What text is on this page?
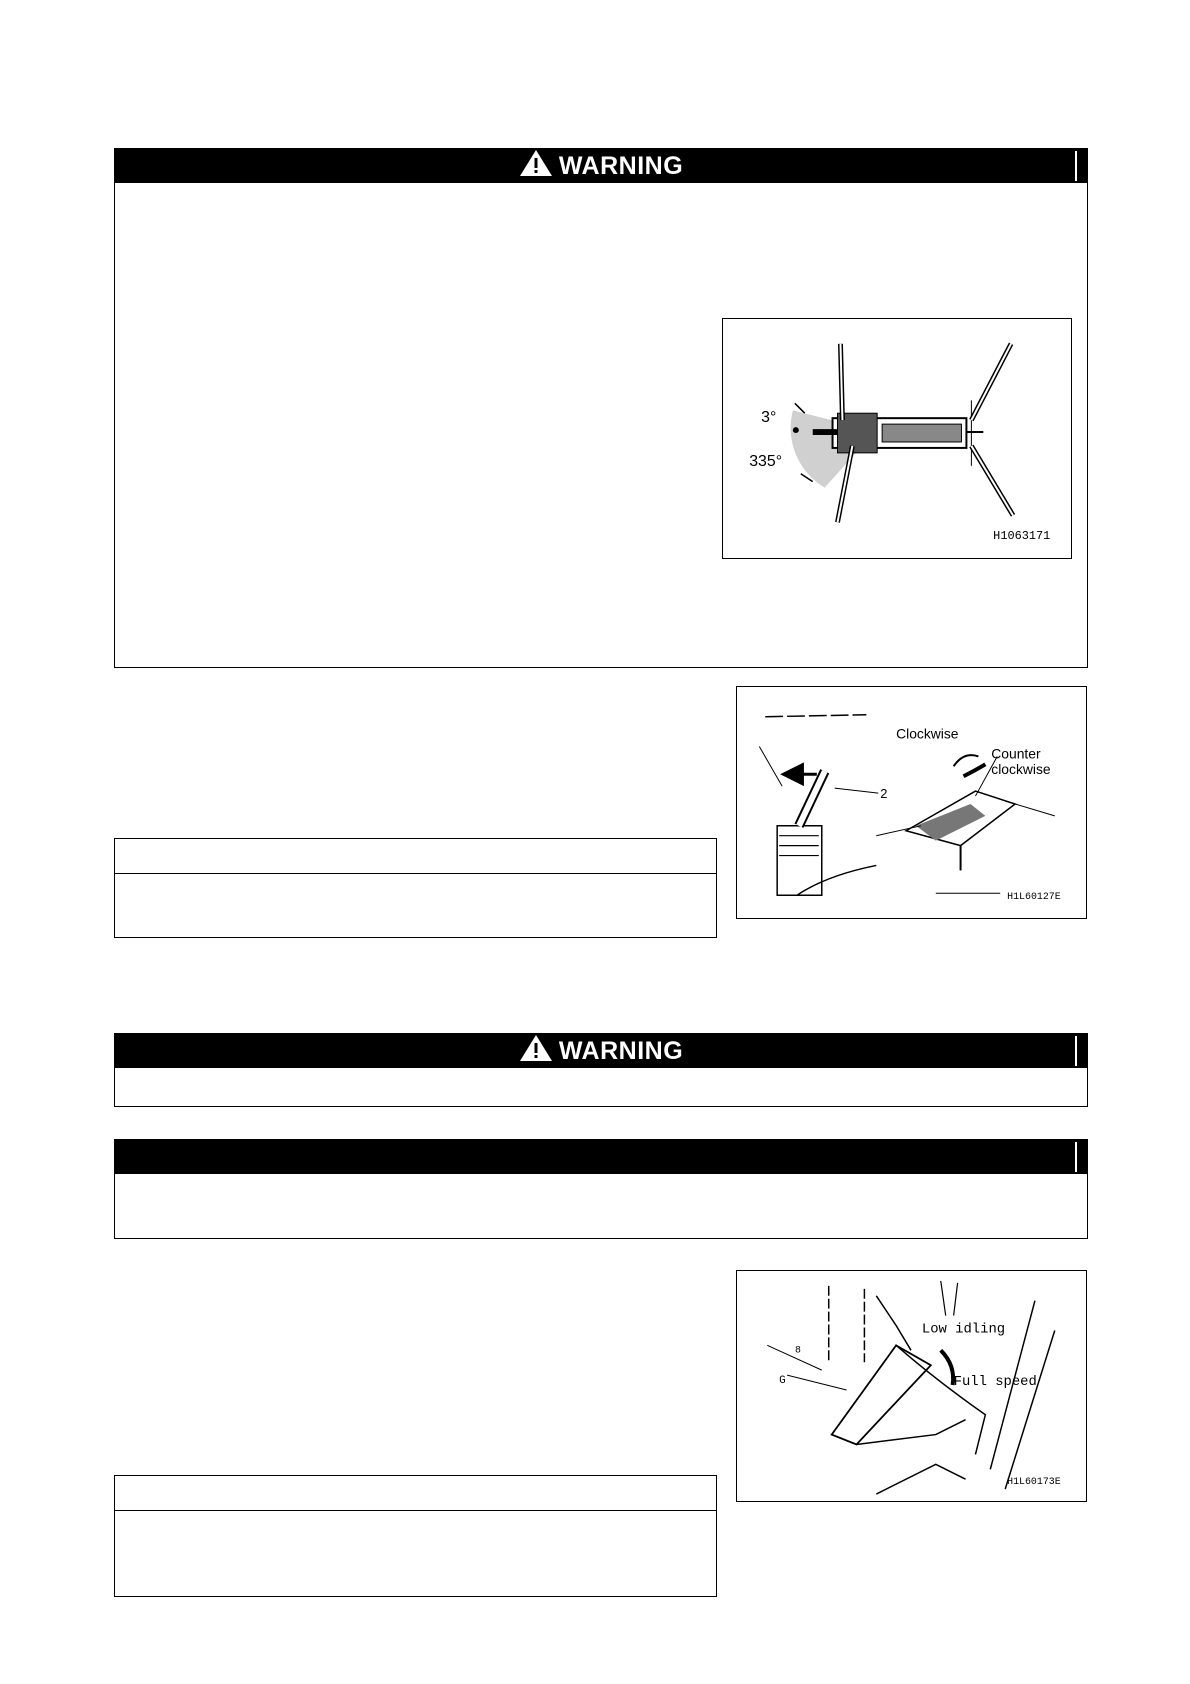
WARNING
3°
335°
H1063171
Clockwise
Counter
clockwise
2
H1L60127E
WARNING
Low idling
Full speed
8
G
H1L60173E
